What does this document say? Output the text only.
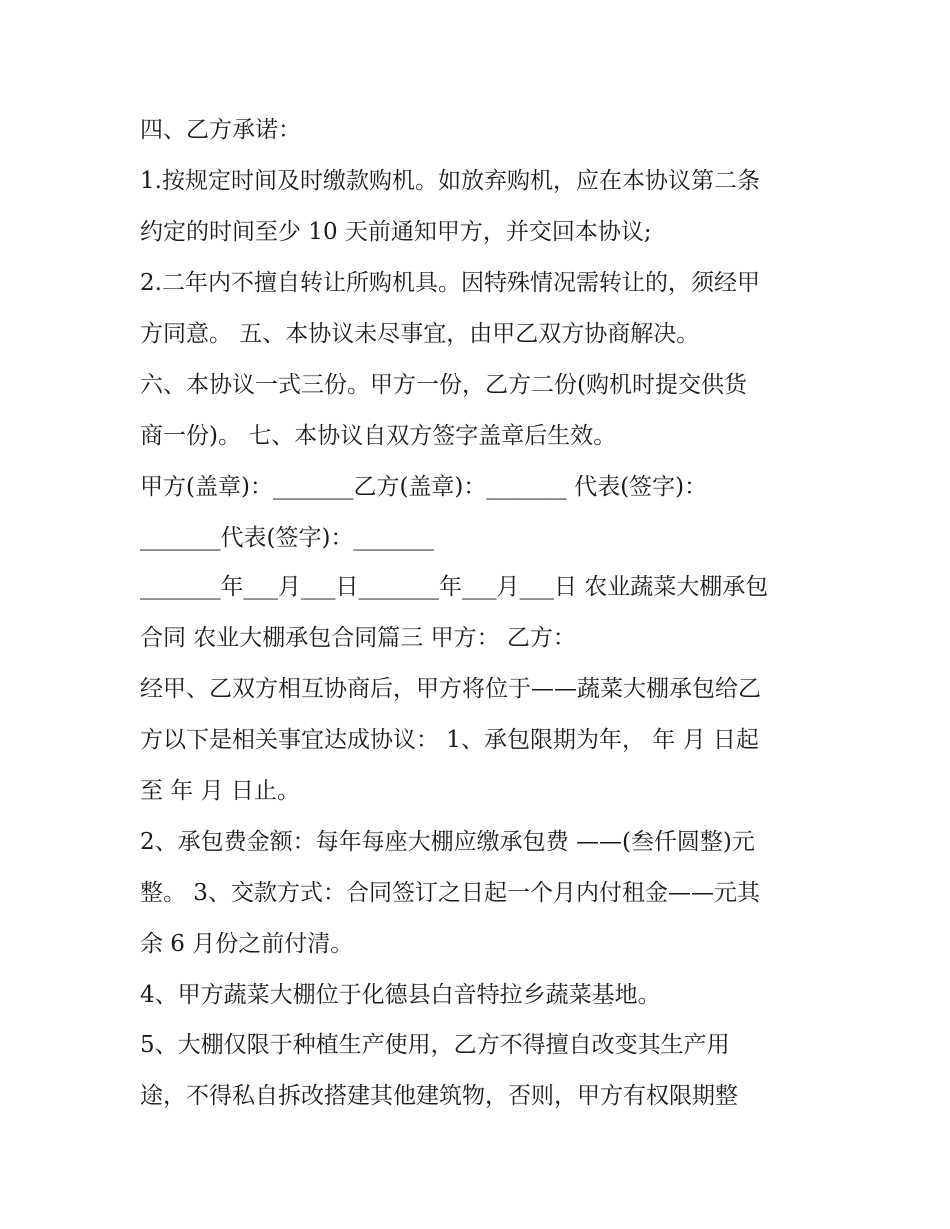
四、乙方承诺：

1.按规定时间及时缴款购机。如放弃购机，应在本协议第二条

约定的时间至少 10 天前通知甲方，并交回本协议;

2.二年内不擅自转让所购机具。因特殊情况需转让的，须经甲

方同意。 五、本协议未尽事宜，由甲乙双方协商解决。

六、本协议一式三份。甲方一份，乙方二份(购机时提交供货

商一份)。 七、本协议自双方签字盖章后生效。

甲方(盖章)：_______乙方(盖章)：_______ 代表(签字)：

_______代表(签字)：_______

_______年___月___日_______年___月___日 农业蔬菜大棚承包

合同 农业大棚承包合同篇三 甲方： 乙方：

经甲、乙双方相互协商后，甲方将位于——蔬菜大棚承包给乙

方以下是相关事宜达成协议： 1、承包限期为年， 年 月 日起

至 年 月 日止。

2、承包费金额：每年每座大棚应缴承包费 ——(叁仟圆整)元

整。 3、交款方式：合同签订之日起一个月内付租金——元其

余 6 月份之前付清。

4、甲方蔬菜大棚位于化德县白音特拉乡蔬菜基地。

5、大棚仅限于种植生产使用，乙方不得擅自改变其生产用

途，不得私自拆改搭建其他建筑物，否则，甲方有权限期整
